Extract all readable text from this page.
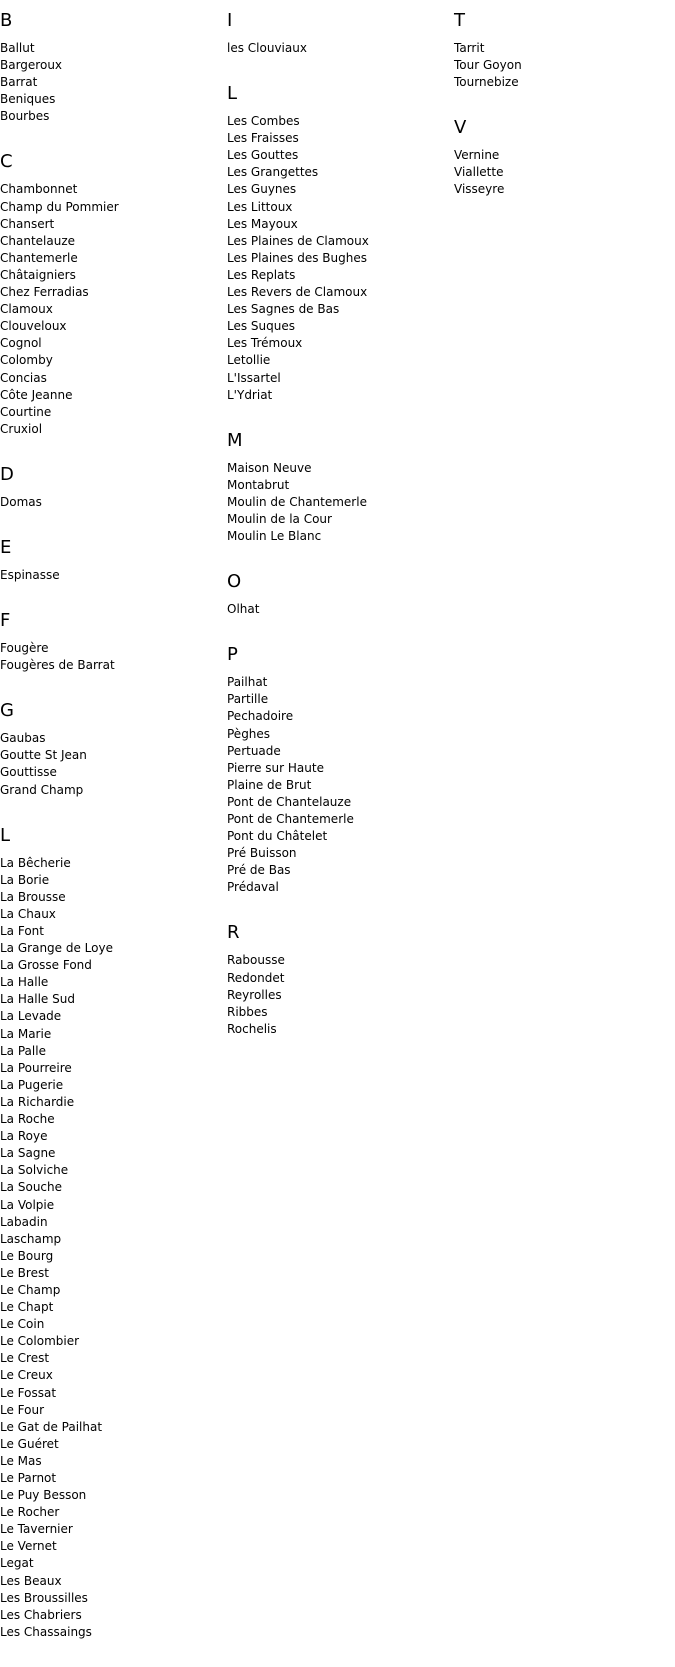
B
Ballut
Bargeroux
Barrat
Beniques
Bourbes
C
Chambonnet
Champ du Pommier
Chansert
Chantelauze
Chantemerle
Châtaigniers
Chez Ferradias
Clamoux
Clouveloux
Cognol
Colomby
Concias
Côte Jeanne
Courtine
Cruxiol
D
Domas
E
Espinasse
F
Fougère
Fougères de Barrat
G
Gaubas
Goutte St Jean
Gouttisse
Grand Champ
L
La Bêcherie
La Borie
La Brousse
La Chaux
La Font
La Grange de Loye
La Grosse Fond
La Halle
La Halle Sud
La Levade
La Marie
La Palle
La Pourreire
La Pugerie
La Richardie
La Roche
La Roye
La Sagne
La Solviche
La Souche
La Volpie
Labadin
Laschamp
Le Bourg
Le Brest
Le Champ
Le Chapt
Le Coin
Le Colombier
Le Crest
Le Creux
Le Fossat
Le Four
Le Gat de Pailhat
Le Guéret
Le Mas
Le Parnot
Le Puy Besson
Le Rocher
Le Tavernier
Le Vernet
Legat
Les Beaux
Les Broussilles
Les Chabriers
Les Chassaings
I
les Clouviaux
L
Les Combes
Les Fraisses
Les Gouttes
Les Grangettes
Les Guynes
Les Littoux
Les Mayoux
Les Plaines de Clamoux
Les Plaines des Bughes
Les Replats
Les Revers de Clamoux
Les Sagnes de Bas
Les Suques
Les Trémoux
Letollie
L'Issartel
L'Ydriat
M
Maison Neuve
Montabrut
Moulin de Chantemerle
Moulin de la Cour
Moulin Le Blanc
O
Olhat
P
Pailhat
Partille
Pechadoire
Pèghes
Pertuade
Pierre sur Haute
Plaine de Brut
Pont de Chantelauze
Pont de Chantemerle
Pont du Châtelet
Pré Buisson
Pré de Bas
Prédaval
R
Rabousse
Redondet
Reyrolles
Ribbes
Rochelis
T
Tarrit
Tour Goyon
Tournebize
V
Vernine
Viallette
Visseyre
